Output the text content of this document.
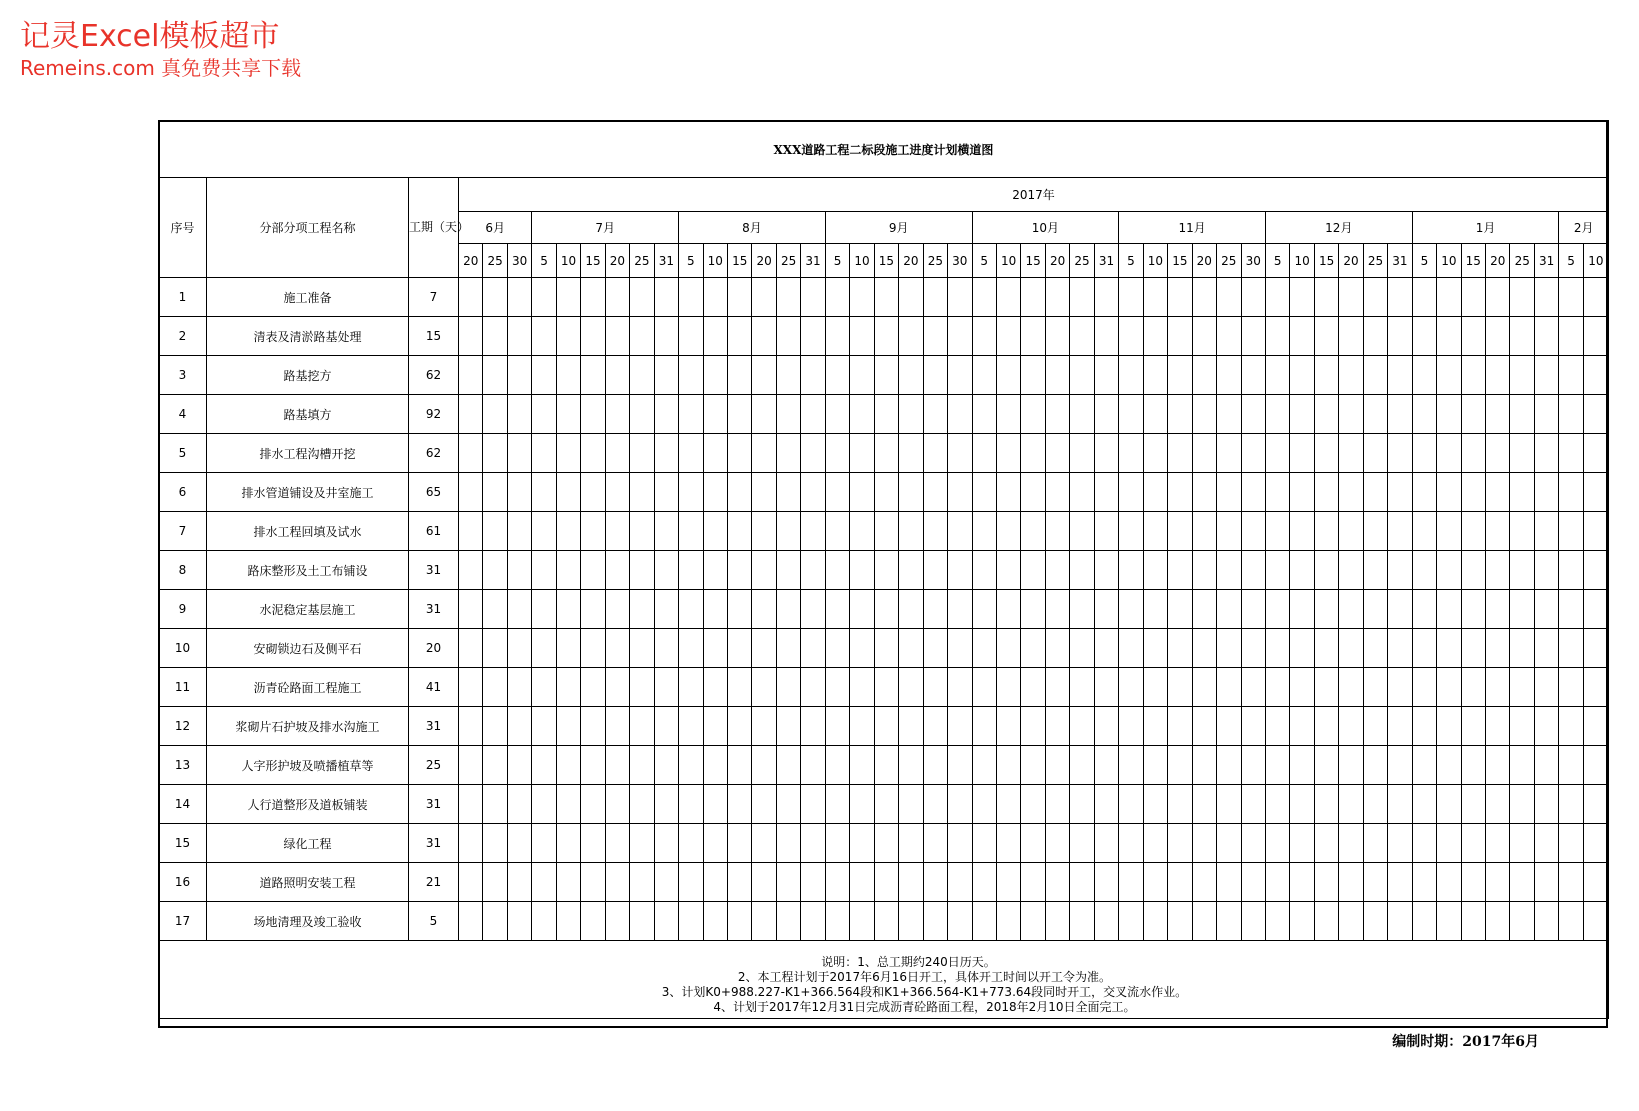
记灵Excel模板超市
Remeins.com 真免费共享下载
XXX道路工程二标段施工进度计划横道图																																																		
序号	分部分项工程名称	工期（天）	2017年	
			6月			7月						8月						9月						10月						11月						12月						1月						2月		
			20	25	30	5	10	15	20	25	31	5	10	15	20	25	31	5	10	15	20	25	30	5	10	15	20	25	31	5	10	15	20	25	30	5	10	15	20	25	31	5	10	15	20	25	31	5	10	
1	施工准备	7																																																
2	清表及清淤路基处理	15																																																
3	路基挖方	62																																																
4	路基填方	92																																																
5	排水工程沟槽开挖	62																																																
6	排水管道铺设及井室施工	65																																																
7	排水工程回填及试水	61																																																
8	路床整形及土工布铺设	31																																																
9	水泥稳定基层施工	31																																																
10	安砌锁边石及侧平石	20																																																
11	沥青砼路面工程施工	41																																																
12	浆砌片石护坡及排水沟施工	31																																																
13	人字形护坡及喷播植草等	25																																																
14	人行道整形及道板铺装	31																																																
15	绿化工程	31																																																
16	道路照明安装工程	21																																																
17	场地清理及竣工验收	5																																																

说明：1、总工期约240日历天。
2、本工程计划于2017年6月16日开工，具体开工时间以开工令为准。
3、计划K0+988.227-K1+366.564段和K1+366.564-K1+773.64段同时开工，交叉流水作业。
4、计划于2017年12月31日完成沥青砼路面工程，2018年2月10日全面完工。																																																		
编制时期：2017年6月
